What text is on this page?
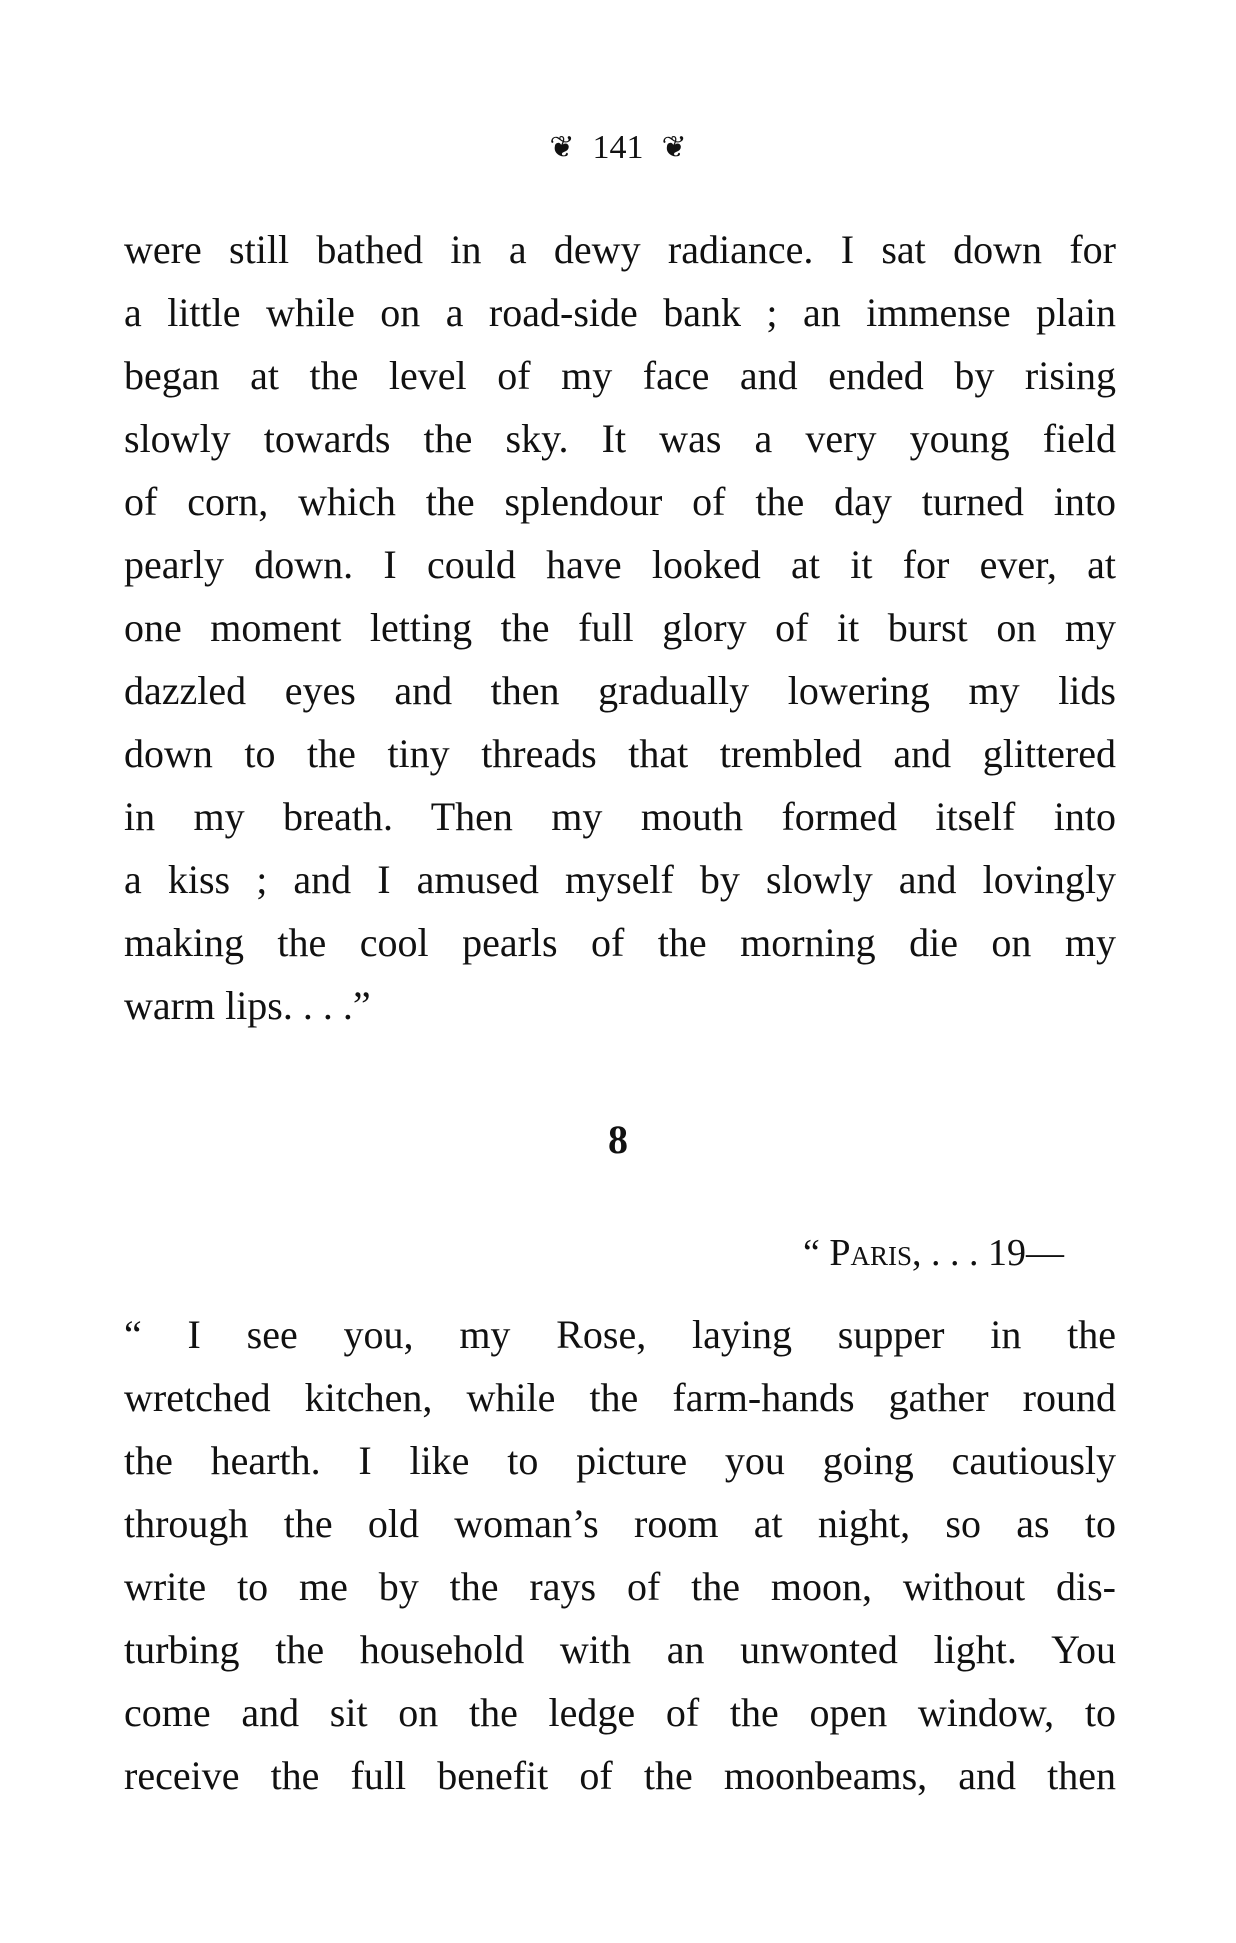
❦ 141 ❦
were still bathed in a dewy radiance. I sat down for
a little while on a road-side bank ; an immense plain
began at the level of my face and ended by rising
slowly towards the sky. It was a very young field
of corn, which the splendour of the day turned into
pearly down. I could have looked at it for ever, at
one moment letting the full glory of it burst on my
dazzled eyes and then gradually lowering my lids
down to the tiny threads that trembled and glittered
in my breath. Then my mouth formed itself into
a kiss ; and I amused myself by slowly and lovingly
making the cool pearls of the morning die on my
warm lips. . . .”
8
“ Paris, . . . 19—
“ I see you, my Rose, laying supper in the
wretched kitchen, while the farm-hands gather round
the hearth. I like to picture you going cautiously
through the old woman’s room at night, so as to
write to me by the rays of the moon, without dis-
turbing the household with an unwonted light. You
come and sit on the ledge of the open window, to
receive the full benefit of the moonbeams, and then
